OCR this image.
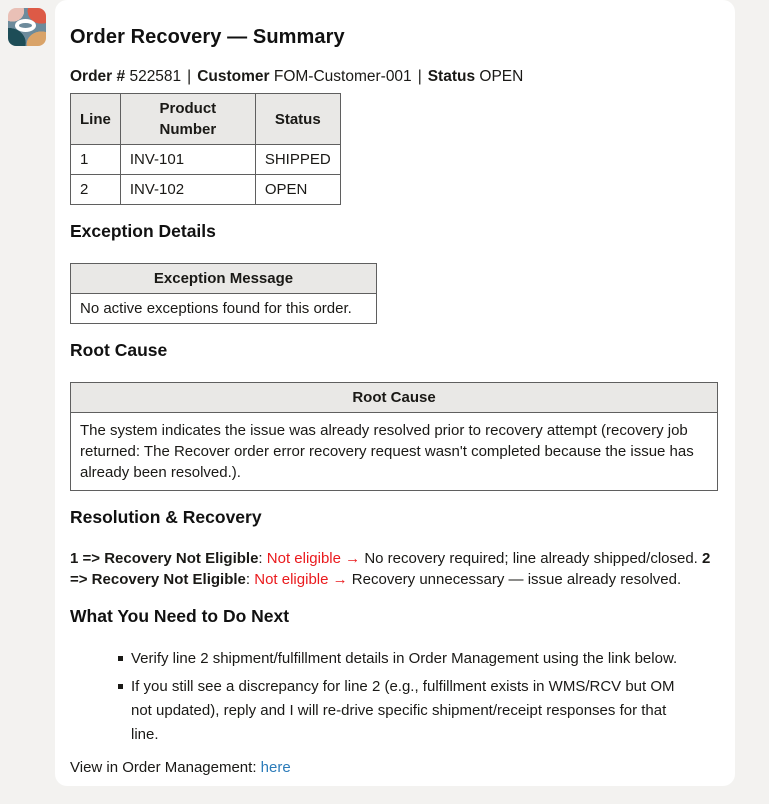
Order Recovery — Summary

Order # 522581 | Customer FOM-Customer-001 | Status OPEN

Line	Product Number	Status
1	INV-101	SHIPPED
2	INV-102	OPEN
Exception Details
Exception Message
No active exceptions found for this order.
Root Cause
Root Cause
The system indicates the issue was already resolved prior to recovery attempt (recovery job returned: The Recover order error recovery request wasn't completed because the issue has already been resolved.).
Resolution & Recovery

1 => Recovery Not Eligible: Not eligible → No recovery required; line already shipped/closed. 2 => Recovery Not Eligible: Not eligible → Recovery unnecessary — issue already resolved.

What You Need to Do Next
Verify line 2 shipment/fulfillment details in Order Management using the link below.
If you still see a discrepancy for line 2 (e.g., fulfillment exists in WMS/RCV but OM not updated), reply and I will re-drive specific shipment/receipt responses for that line.

View in Order Management: here
